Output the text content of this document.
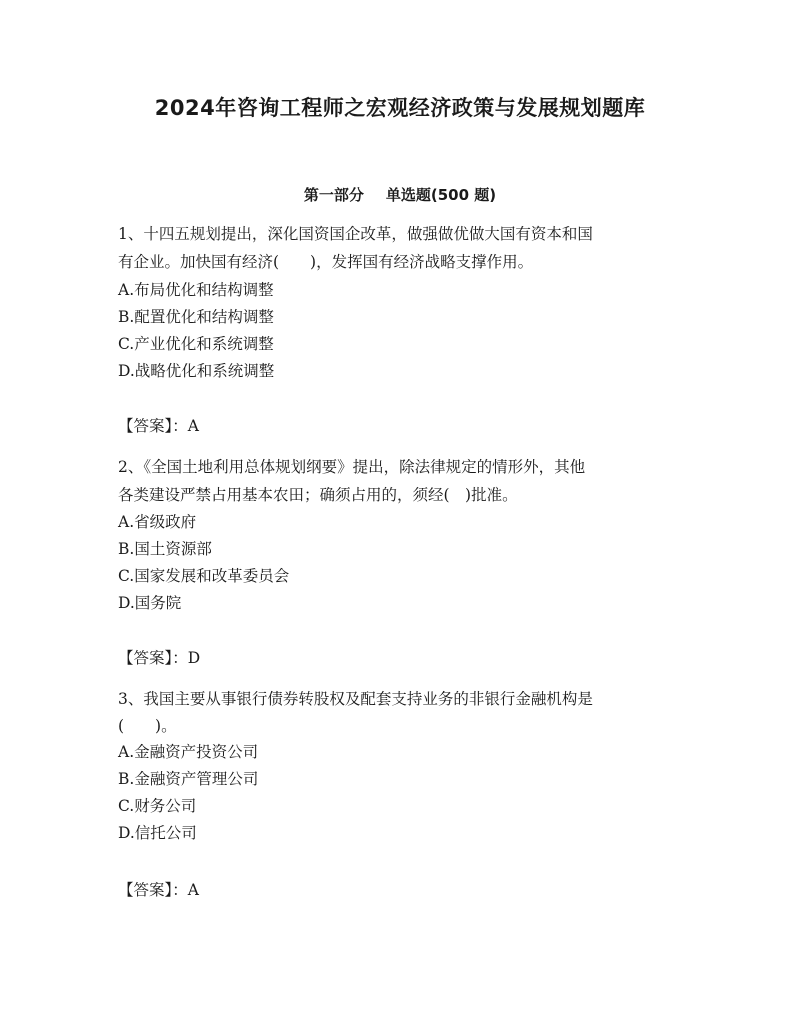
2024年咨询工程师之宏观经济政策与发展规划题库
第一部分 单选题(500 题)

1、十四五规划提出，深化国资国企改革，做强做优做大国有资本和国

有企业。加快国有经济(　　)，发挥国有经济战略支撑作用。

A.布局优化和结构调整

B.配置优化和结构调整

C.产业优化和系统调整

D.战略优化和系统调整

【答案】：A

2、《全国土地利用总体规划纲要》提出，除法律规定的情形外，其他

各类建设严禁占用基本农田；确须占用的，须经(　)批准。

A.省级政府

B.国土资源部

C.国家发展和改革委员会

D.国务院

【答案】：D

3、我国主要从事银行债券转股权及配套支持业务的非银行金融机构是

(　　)。

A.金融资产投资公司

B.金融资产管理公司

C.财务公司

D.信托公司

【答案】：A
